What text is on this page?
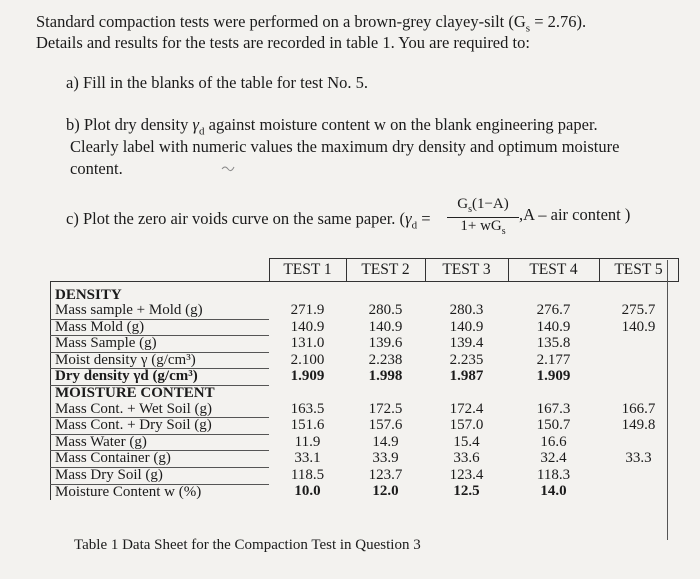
Standard compaction tests were performed on a brown-grey clayey-silt $(G_s = 2.76)$.
Details and results for the tests are recorded in table 1. You are required to:
a) Fill in the blanks of the table for test No. 5.
b) Plot dry density $\gamma_d$ against moisture content w on the blank engineering paper.
Clearly label with numeric values the maximum dry density and optimum moisture
content.
c) Plot the zero air voids curve on the same paper. ($\gamma_d$ =
$G_s(1-A)$
$1+ wG_s$
,A – air content )
	TEST 1	TEST 2	TEST 3	TEST 4	TEST 5

DENSITY					
Mass sample + Mold (g)	271.9	280.5	280.3	276.7	275.7
Mass Mold (g)	140.9	140.9	140.9	140.9	140.9
Mass Sample (g)	131.0	139.6	139.4	135.8	
Moist density γ (g/cm³)	2.100	2.238	2.235	2.177	
Dry density γd (g/cm³)	1.909	1.998	1.987	1.909	
MOISTURE CONTENT					
Mass Cont. + Wet Soil (g)	163.5	172.5	172.4	167.3	166.7
Mass Cont. + Dry Soil (g)	151.6	157.6	157.0	150.7	149.8
Mass Water (g)	11.9	14.9	15.4	16.6	
Mass Container (g)	33.1	33.9	33.6	32.4	33.3
Mass Dry Soil (g)	118.5	123.7	123.4	118.3	
Moisture Content w (%)	10.0	12.0	12.5	14.0	
Table 1 Data Sheet for the Compaction Test in Question 3
